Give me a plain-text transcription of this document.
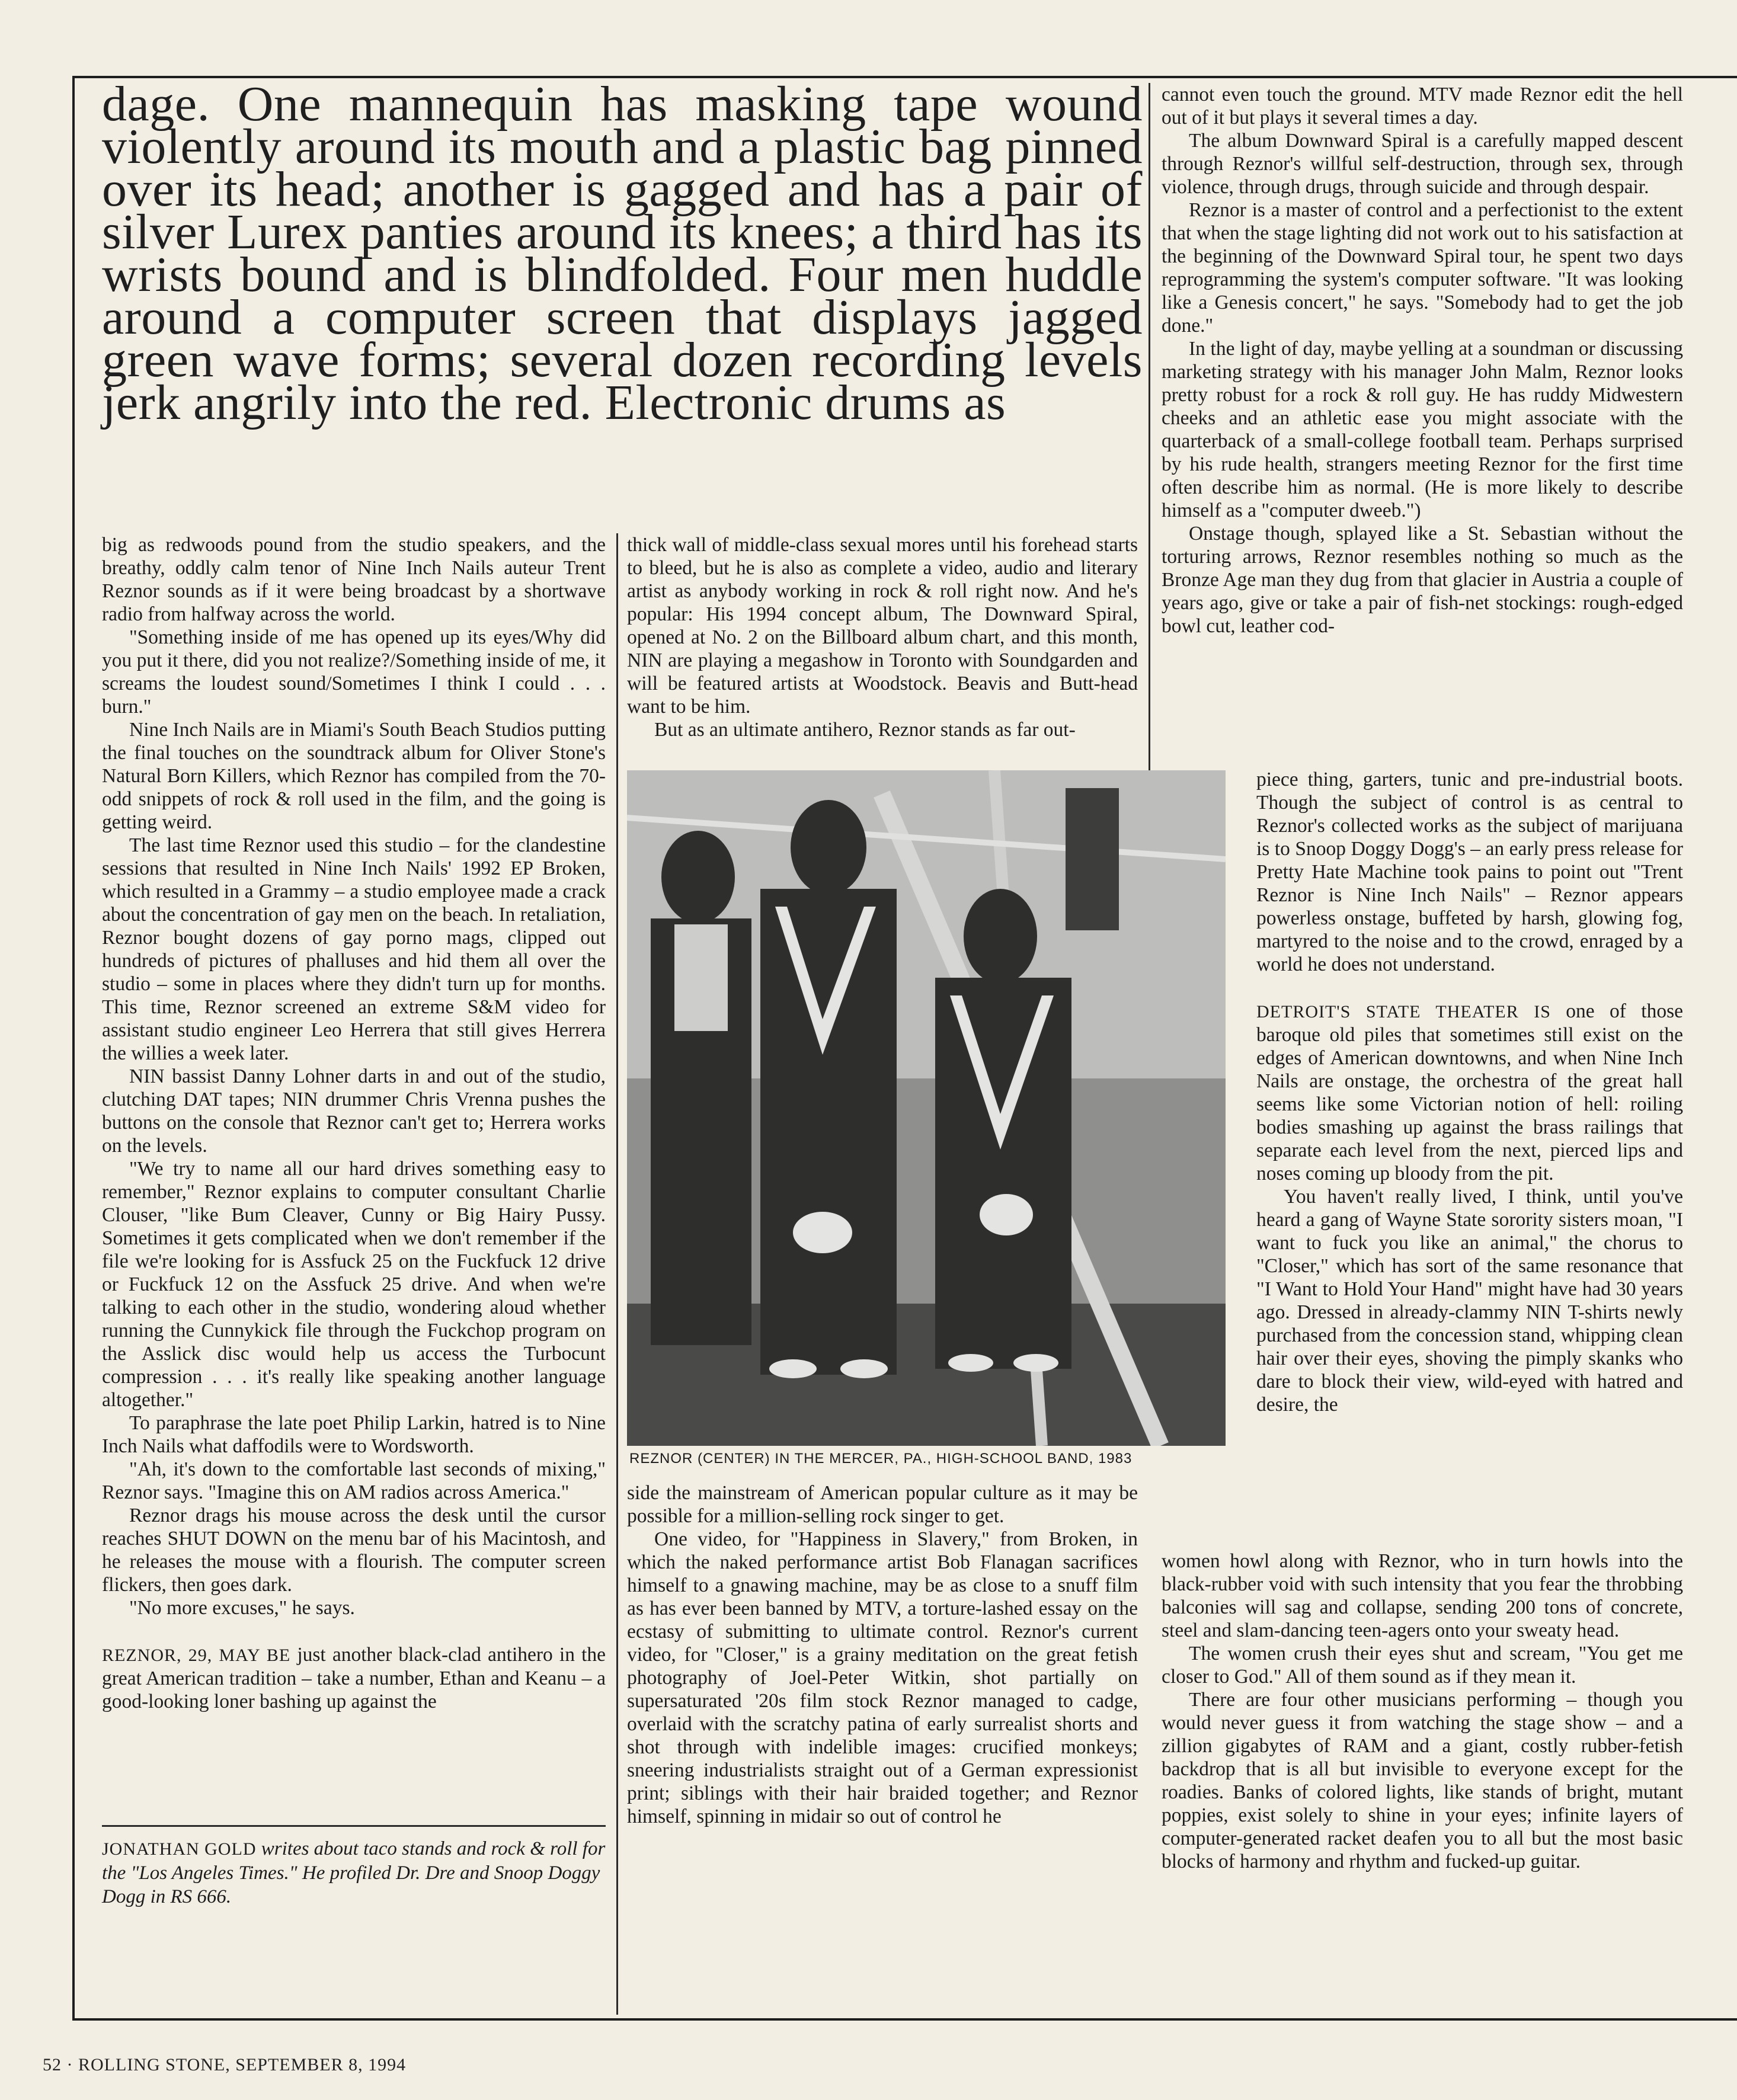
dage. One mannequin has masking tape wound violently around its mouth and a plastic bag pinned over its head; another is gagged and has a pair of silver Lurex panties around its knees; a third has its wrists bound and is blindfolded. Four men huddle around a computer screen that displays jagged green wave forms; several dozen recording levels jerk angrily into the red. Electronic drums as

big as redwoods pound from the studio speakers, and the breathy, oddly calm tenor of Nine Inch Nails auteur Trent Reznor sounds as if it were being broadcast by a shortwave radio from halfway across the world.

"Something inside of me has opened up its eyes/Why did you put it there, did you not realize?/Something inside of me, it screams the loudest sound/Sometimes I think I could . . . burn."

Nine Inch Nails are in Miami's South Beach Studios putting the final touches on the soundtrack album for Oliver Stone's Natural Born Killers, which Reznor has compiled from the 70-odd snippets of rock & roll used in the film, and the going is getting weird.

The last time Reznor used this studio – for the clandestine sessions that resulted in Nine Inch Nails' 1992 EP Broken, which resulted in a Grammy – a studio employee made a crack about the concentration of gay men on the beach. In retaliation, Reznor bought dozens of gay porno mags, clipped out hundreds of pictures of phalluses and hid them all over the studio – some in places where they didn't turn up for months. This time, Reznor screened an extreme S&M video for assistant studio engineer Leo Herrera that still gives Herrera the willies a week later.

NIN bassist Danny Lohner darts in and out of the studio, clutching DAT tapes; NIN drummer Chris Vrenna pushes the buttons on the console that Reznor can't get to; Herrera works on the levels.

"We try to name all our hard drives something easy to remember," Reznor explains to computer consultant Charlie Clouser, "like Bum Cleaver, Cunny or Big Hairy Pussy. Sometimes it gets complicated when we don't remember if the file we're looking for is Assfuck 25 on the Fuckfuck 12 drive or Fuckfuck 12 on the Assfuck 25 drive. And when we're talking to each other in the studio, wondering aloud whether running the Cunnykick file through the Fuckchop program on the Asslick disc would help us access the Turbocunt compression . . . it's really like speaking another language altogether."

To paraphrase the late poet Philip Larkin, hatred is to Nine Inch Nails what daffodils were to Wordsworth.

"Ah, it's down to the comfortable last seconds of mixing," Reznor says. "Imagine this on AM radios across America."

Reznor drags his mouse across the desk until the cursor reaches SHUT DOWN on the menu bar of his Macintosh, and he releases the mouse with a flourish. The computer screen flickers, then goes dark.

"No more excuses," he says.

REZNOR, 29, MAY BE just another black-clad antihero in the great American tradition – take a number, Ethan and Keanu – a good-looking loner bashing up against the

JONATHAN GOLD writes about taco stands and rock & roll for the "Los Angeles Times." He profiled Dr. Dre and Snoop Doggy Dogg in RS 666.

thick wall of middle-class sexual mores until his forehead starts to bleed, but he is also as complete a video, audio and literary artist as anybody working in rock & roll right now. And he's popular: His 1994 concept album, The Downward Spiral, opened at No. 2 on the Billboard album chart, and this month, NIN are playing a megashow in Toronto with Soundgarden and will be featured artists at Woodstock. Beavis and Butt-head want to be him.

But as an ultimate antihero, Reznor stands as far out-

REZNOR (CENTER) IN THE MERCER, PA., HIGH-SCHOOL BAND, 1983

side the mainstream of American popular culture as it may be possible for a million-selling rock singer to get.

One video, for "Happiness in Slavery," from Broken, in which the naked performance artist Bob Flanagan sacrifices himself to a gnawing machine, may be as close to a snuff film as has ever been banned by MTV, a torture-lashed essay on the ecstasy of submitting to ultimate control. Reznor's current video, for "Closer," is a grainy meditation on the great fetish photography of Joel-Peter Witkin, shot partially on supersaturated '20s film stock Reznor managed to cadge, overlaid with the scratchy patina of early surrealist shorts and shot through with indelible images: crucified monkeys; sneering industrialists straight out of a German expressionist print; siblings with their hair braided together; and Reznor himself, spinning in midair so out of control he

cannot even touch the ground. MTV made Reznor edit the hell out of it but plays it several times a day.

The album Downward Spiral is a carefully mapped descent through Reznor's willful self-destruction, through sex, through violence, through drugs, through suicide and through despair.

Reznor is a master of control and a perfectionist to the extent that when the stage lighting did not work out to his satisfaction at the beginning of the Downward Spiral tour, he spent two days reprogramming the system's computer software. "It was looking like a Genesis concert," he says. "Somebody had to get the job done."

In the light of day, maybe yelling at a soundman or discussing marketing strategy with his manager John Malm, Reznor looks pretty robust for a rock & roll guy. He has ruddy Midwestern cheeks and an athletic ease you might associate with the quarterback of a small-college football team. Perhaps surprised by his rude health, strangers meeting Reznor for the first time often describe him as normal. (He is more likely to describe himself as a "computer dweeb.")

Onstage though, splayed like a St. Sebastian without the torturing arrows, Reznor resembles nothing so much as the Bronze Age man they dug from that glacier in Austria a couple of years ago, give or take a pair of fish-net stockings: rough-edged bowl cut, leather cod-

piece thing, garters, tunic and pre-industrial boots. Though the subject of control is as central to Reznor's collected works as the subject of marijuana is to Snoop Doggy Dogg's – an early press release for Pretty Hate Machine took pains to point out "Trent Reznor is Nine Inch Nails" – Reznor appears powerless onstage, buffeted by harsh, glowing fog, martyred to the noise and to the crowd, enraged by a world he does not understand.

DETROIT'S STATE THEATER IS one of those baroque old piles that sometimes still exist on the edges of American downtowns, and when Nine Inch Nails are onstage, the orchestra of the great hall seems like some Victorian notion of hell: roiling bodies smashing up against the brass railings that separate each level from the next, pierced lips and noses coming up bloody from the pit.

You haven't really lived, I think, until you've heard a gang of Wayne State sorority sisters moan, "I want to fuck you like an animal," the chorus to "Closer," which has sort of the same resonance that "I Want to Hold Your Hand" might have had 30 years ago. Dressed in already-clammy NIN T-shirts newly purchased from the concession stand, whipping clean hair over their eyes, shoving the pimply skanks who dare to block their view, wild-eyed with hatred and desire, the

women howl along with Reznor, who in turn howls into the black-rubber void with such intensity that you fear the throbbing balconies will sag and collapse, sending 200 tons of concrete, steel and slam-dancing teen-agers onto your sweaty head.

The women crush their eyes shut and scream, "You get me closer to God." All of them sound as if they mean it.

There are four other musicians performing – though you would never guess it from watching the stage show – and a zillion gigabytes of RAM and a giant, costly rubber-fetish backdrop that is all but invisible to everyone except for the roadies. Banks of colored lights, like stands of bright, mutant poppies, exist solely to shine in your eyes; infinite layers of computer-generated racket deafen you to all but the most basic blocks of harmony and rhythm and fucked-up guitar.

52 · ROLLING STONE, SEPTEMBER 8, 1994
